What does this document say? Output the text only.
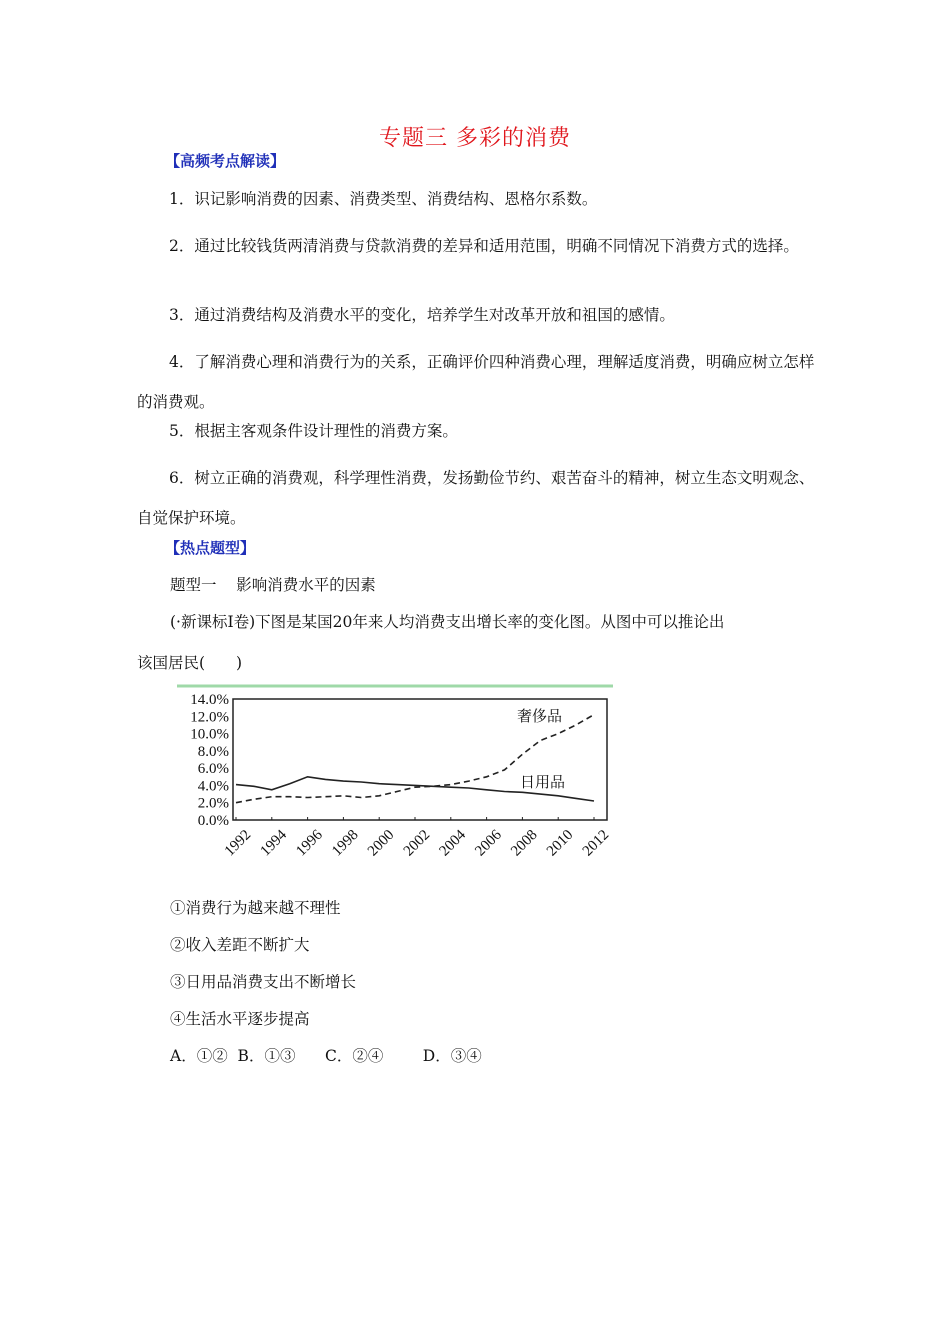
专题三 多彩的消费
【高频考点解读】
1．识记影响消费的因素、消费类型、消费结构、恩格尔系数。
2．通过比较钱货两清消费与贷款消费的差异和适用范围，明确不同情况下消费方式的选择。
3．通过消费结构及消费水平的变化，培养学生对改革开放和祖国的感情。
4．了解消费心理和消费行为的关系，正确评价四种消费心理，理解适度消费，明确应树立怎样的消费观。
5．根据主客观条件设计理性的消费方案。
6．树立正确的消费观，科学理性消费，发扬勤俭节约、艰苦奋斗的精神，树立生态文明观念、自觉保护环境。
【热点题型】
题型一    影响消费水平的因素
(·新课标Ⅰ卷)下图是某国20年来人均消费支出增长率的变化图。从图中可以推论出
该国居民(　　)
14.0%
12.0%
10.0%
8.0%
6.0%
4.0%
2.0%
0.0%
1992 1994 1996 1998 2000 2002 2004 2006 2008 2010 2012
奢侈品
日用品
①消费行为越来越不理性
②收入差距不断扩大
③日用品消费支出不断增长
④生活水平逐步提高
A．①②  B．①③      C．②④        D．③④
